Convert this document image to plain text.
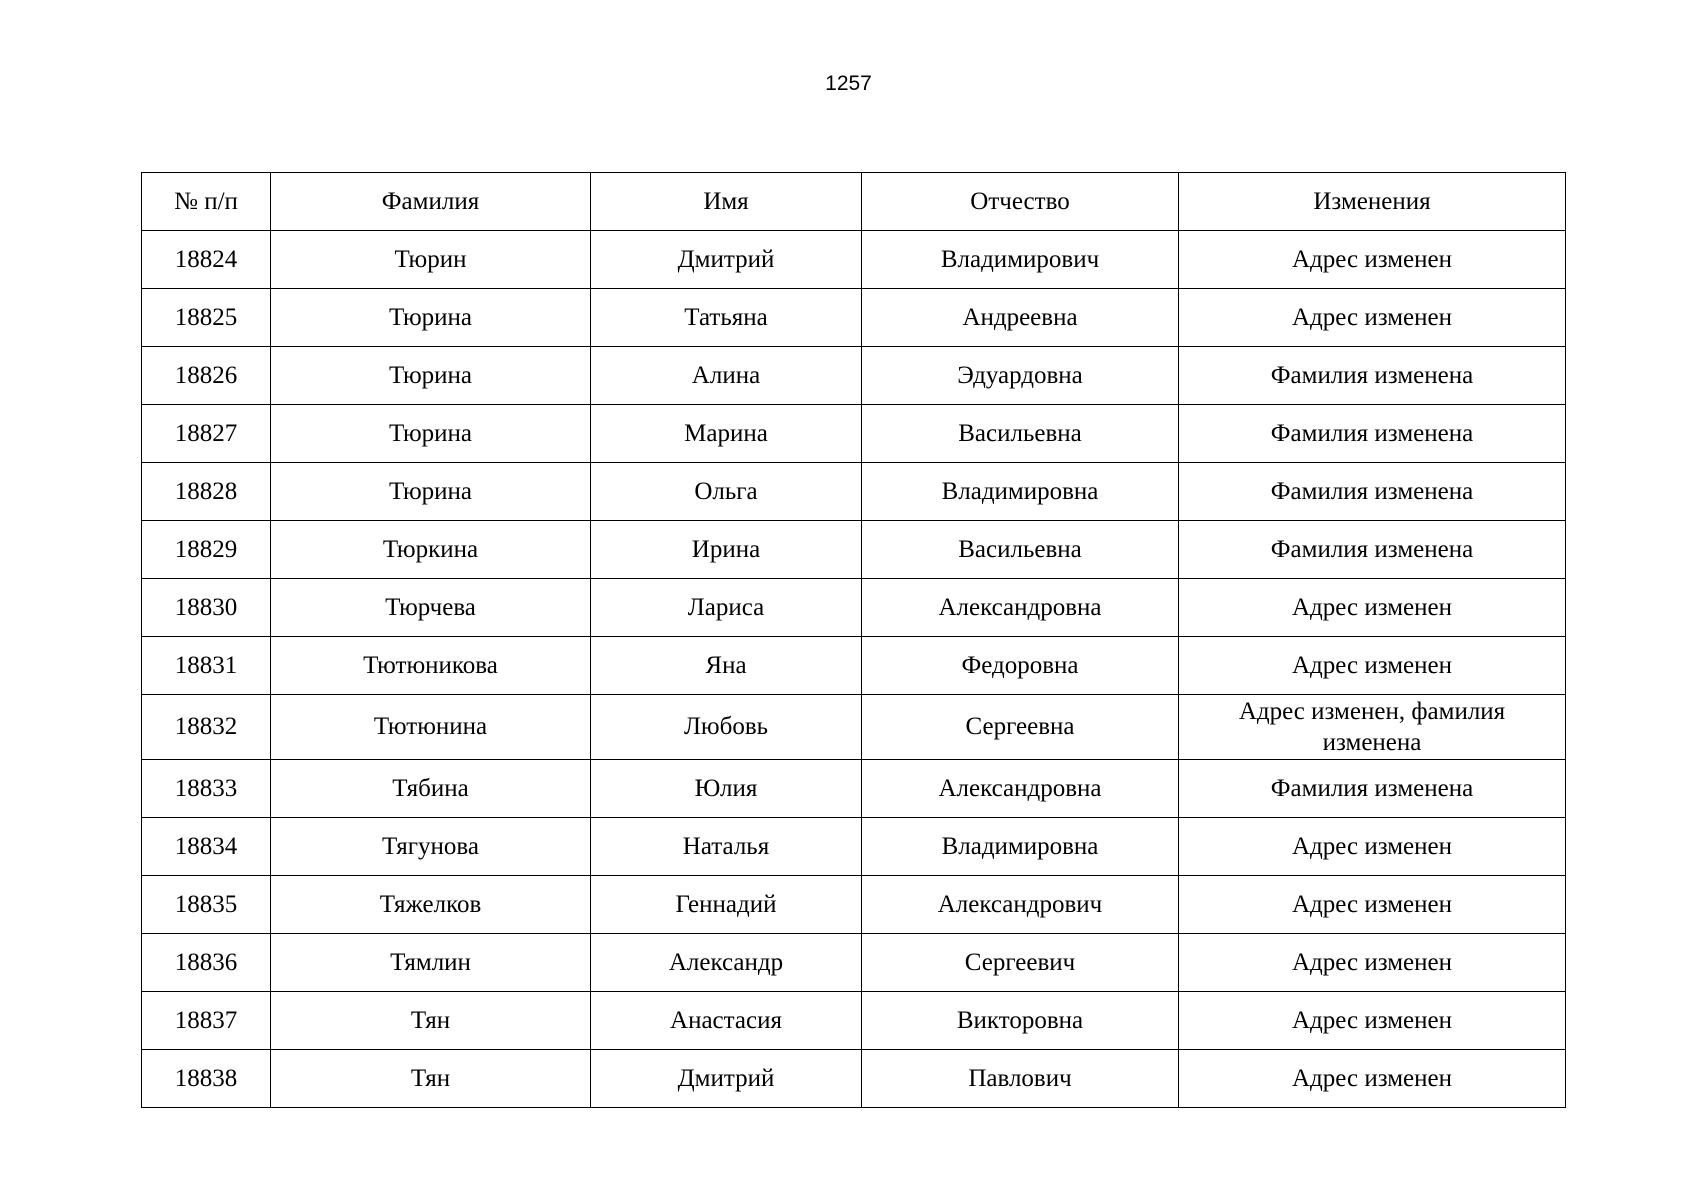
1257
№ п/п	Фамилия	Имя	Отчество	Изменения
18824	Тюрин	Дмитрий	Владимирович	Адрес изменен
18825	Тюрина	Татьяна	Андреевна	Адрес изменен
18826	Тюрина	Алина	Эдуардовна	Фамилия изменена
18827	Тюрина	Марина	Васильевна	Фамилия изменена
18828	Тюрина	Ольга	Владимировна	Фамилия изменена
18829	Тюркина	Ирина	Васильевна	Фамилия изменена
18830	Тюрчева	Лариса	Александровна	Адрес изменен
18831	Тютюникова	Яна	Федоровна	Адрес изменен
18832	Тютюнина	Любовь	Сергеевна	Адрес изменен, фамилия изменена
18833	Тябина	Юлия	Александровна	Фамилия изменена
18834	Тягунова	Наталья	Владимировна	Адрес изменен
18835	Тяжелков	Геннадий	Александрович	Адрес изменен
18836	Тямлин	Александр	Сергеевич	Адрес изменен
18837	Тян	Анастасия	Викторовна	Адрес изменен
18838	Тян	Дмитрий	Павлович	Адрес изменен
